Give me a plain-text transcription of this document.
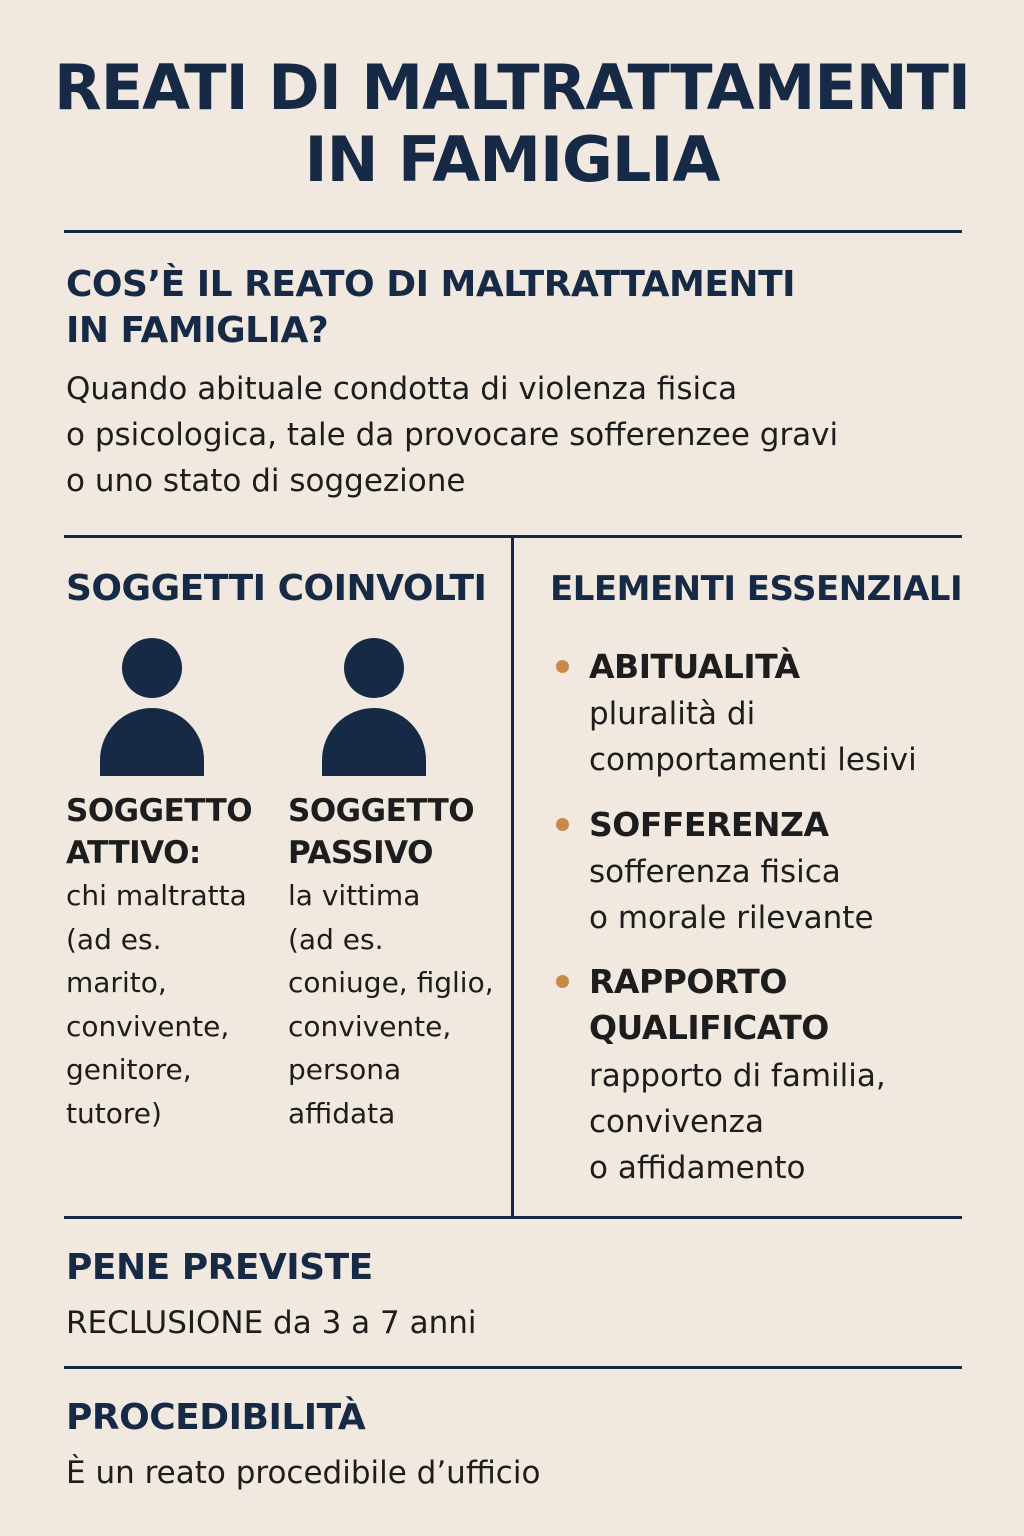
REATI DI MALTRATTAMENTI
IN FAMIGLIA
COS’È IL REATO DI MALTRATTAMENTI
IN FAMIGLIA?
Quando abituale condotta di violenza fisica
o psicologica, tale da provocare sofferenzee gravi
o uno stato di soggezione
SOGGETTI COINVOLTI
SOGGETTO
ATTIVO:
chi maltratta
(ad es.
marito,
convivente,
genitore,
tutore)
SOGGETTO
PASSIVO
la vittima
(ad es.
coniuge, figlio,
convivente,
persona
affidata
ELEMENTI ESSENZIALI
ABITUALITÀ
pluralità di
comportamenti lesivi
SOFFERENZA
sofferenza fisica
o morale rilevante
RAPPORTO
QUALIFICATO
rapporto di familia,
convivenza
o affidamento
PENE PREVISTE
RECLUSIONE da 3 a 7 anni
PROCEDIBILITÀ
È un reato procedibile d’ufficio
